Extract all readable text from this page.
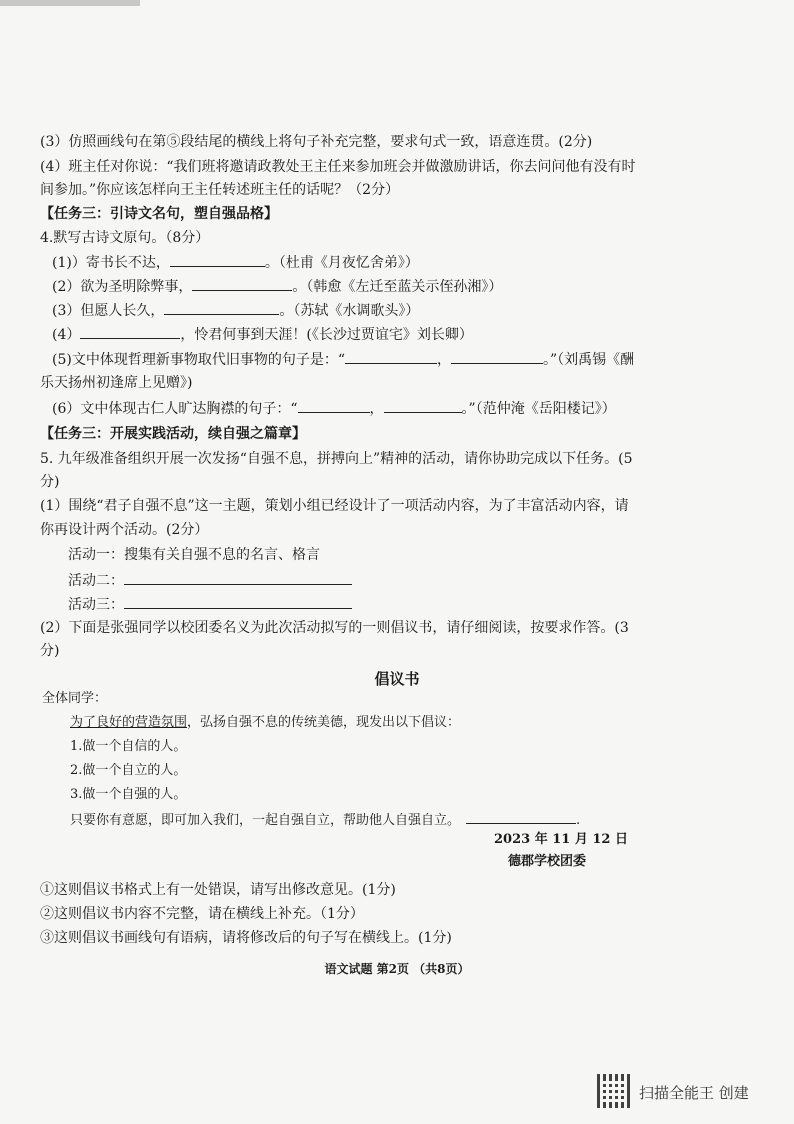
(3）仿照画线句在第⑤段结尾的横线上将句子补充完整，要求句式一致，语意连贯。(2分)
(4）班主任对你说：“我们班将邀请政教处王主任来参加班会并做激励讲话，你去问问他有没有时
间参加。”你应该怎样向王主任转述班主任的话呢？（2分）
【任务三：引诗文名句，塑自强品格】
4.默写古诗文原句。（8分）
(1)）寄书长不达，	。（杜甫《月夜忆舍弟》）
(2）欲为圣明除弊事，	。（韩愈《左迁至蓝关示侄孙湘》）
(3）但愿人长久，	。（苏轼《水调歌头》）
(4）	，怜君何事到天涯！(《长沙过贾谊宅》刘长卿）
(5)文中体现哲理新事物取代旧事物的句子是：“	，	。”（刘禹锡《酬
乐天扬州初逢席上见赠》)
(6）文中体现古仁人旷达胸襟的句子：“	，	。”（范仲淹《岳阳楼记》）
【任务三：开展实践活动，续自强之篇章】
5. 九年级准备组织开展一次发扬“自强不息，拼搏向上”精神的活动，请你协助完成以下任务。(5
分)
(1）围绕“君子自强不息”这一主题，策划小组已经设计了一项活动内容，为了丰富活动内容，请
你再设计两个活动。(2分）
活动一：搜集有关自强不息的名言、格言
活动二：
活动三：
(2）下面是张强同学以校团委名义为此次活动拟写的一则倡议书，请仔细阅读，按要求作答。(3
分)
倡议书
全体同学：
为了良好的营造氛围，弘扬自强不息的传统美德，现发出以下倡议：
1.做一个自信的人。
2.做一个自立的人。
3.做一个自强的人。
只要你有意愿，即可加入我们，一起自强自立，帮助他人自强自立。	.
2023 年 11 月 12 日
德郡学校团委
①这则倡议书格式上有一处错误，请写出修改意见。(1分)
②这则倡议书内容不完整，请在横线上补充。（1分）
③这则倡议书画线句有语病，请将修改后的句子写在横线上。(1分)
语文试题 第2页 （共8页）
扫描全能王 创建
